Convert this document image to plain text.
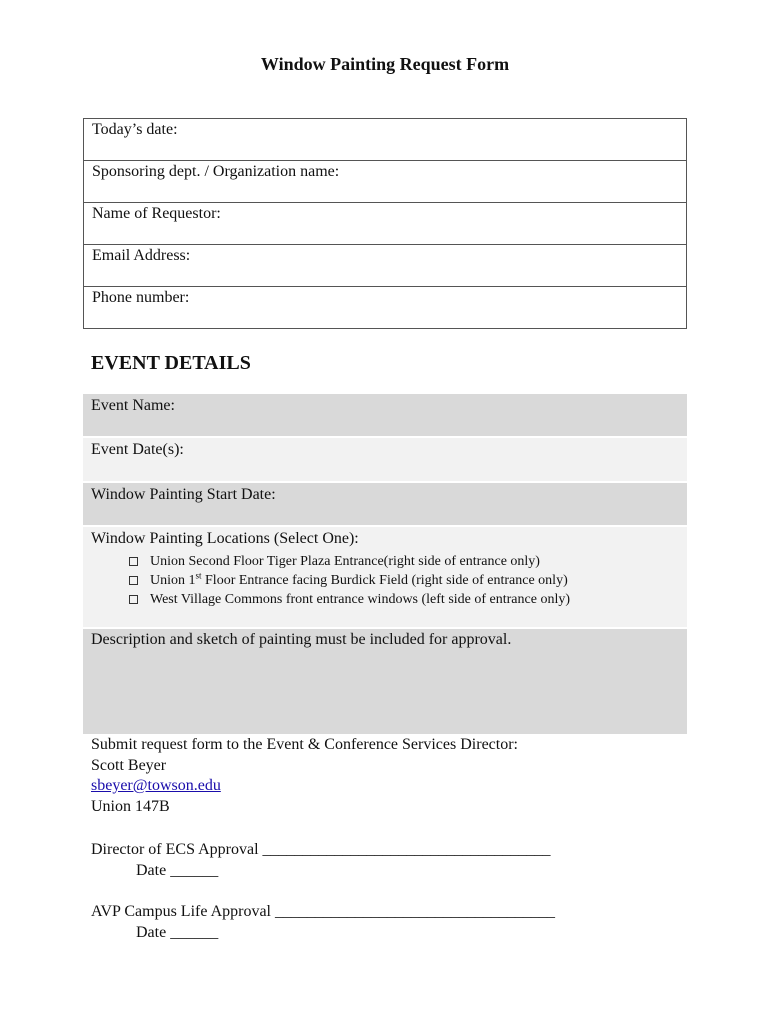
Window Painting Request Form
Today’s date:
Sponsoring dept. / Organization name:
Name of Requestor:
Email Address:
Phone number:
EVENT DETAILS
Event Name:
Event Date(s):
Window Painting Start Date:
Window Painting Locations (Select One):
Union Second Floor Tiger Plaza Entrance(right side of entrance only)
Union 1st Floor Entrance facing Burdick Field (right side of entrance only)
West Village Commons front entrance windows (left side of entrance only)
Description and sketch of painting must be included for approval.
Submit request form to the Event & Conference Services Director:
Scott Beyer
sbeyer@towson.edu
Union 147B
Director of ECS Approval ____________________________________
Date ______
AVP Campus Life Approval ___________________________________
Date ______
